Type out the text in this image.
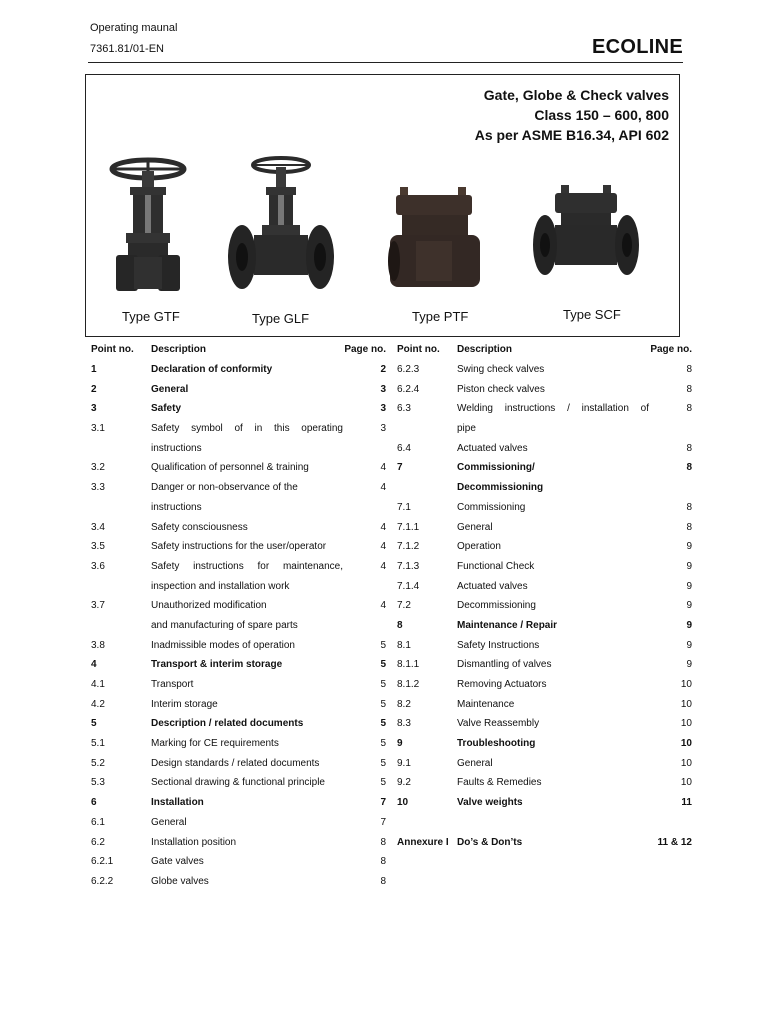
Operating maunal
7361.81/01-EN	ECOLINE
Gate, Globe & Check valves
Class 150 – 600, 800
As per ASME B16.34, API 602
Type GTF	Type GLF	Type PTF	Type SCF
Point no.	Description	Page no.
1	Declaration of conformity	2
2	General	3
3	Safety	3
3.1	Safety symbol of in this operating	3
	instructions	
3.2	Qualification of personnel & training	4
3.3	Danger or non-observance of the	4
	instructions	
3.4	Safety consciousness	4
3.5	Safety instructions for the user/operator	4
3.6	Safety instructions for maintenance,	4
	inspection and installation work	
3.7	Unauthorized modification	4
	and manufacturing of spare parts	
3.8	Inadmissible modes of operation	5
4	Transport & interim storage	5
4.1	Transport	5
4.2	Interim storage	5
5	Description / related documents	5
5.1	Marking for CE requirements	5
5.2	Design standards / related documents	5
5.3	Sectional drawing & functional principle	5
6	Installation	7
6.1	General	7
6.2	Installation position	8
6.2.1	Gate valves	8
6.2.2	Globe valves	8
Point no.	Description	Page no.
6.2.3	Swing check valves	8
6.2.4	Piston check valves	8
6.3	Welding instructions / installation of	8
	pipe	
6.4	Actuated valves	8
7	Commissioning/	8
	Decommissioning	
7.1	Commissioning	8
7.1.1	General	8
7.1.2	Operation	9
7.1.3	Functional Check	9
7.1.4	Actuated valves	9
7.2	Decommissioning	9
8	Maintenance / Repair	9
8.1	Safety Instructions	9
8.1.1	Dismantling of valves	9
8.1.2	Removing Actuators	10
8.2	Maintenance	10
8.3	Valve Reassembly	10
9	Troubleshooting	10
9.1	General	10
9.2	Faults & Remedies	10
10	Valve weights	11

Annexure I	Do’s & Don’ts	11 & 12
